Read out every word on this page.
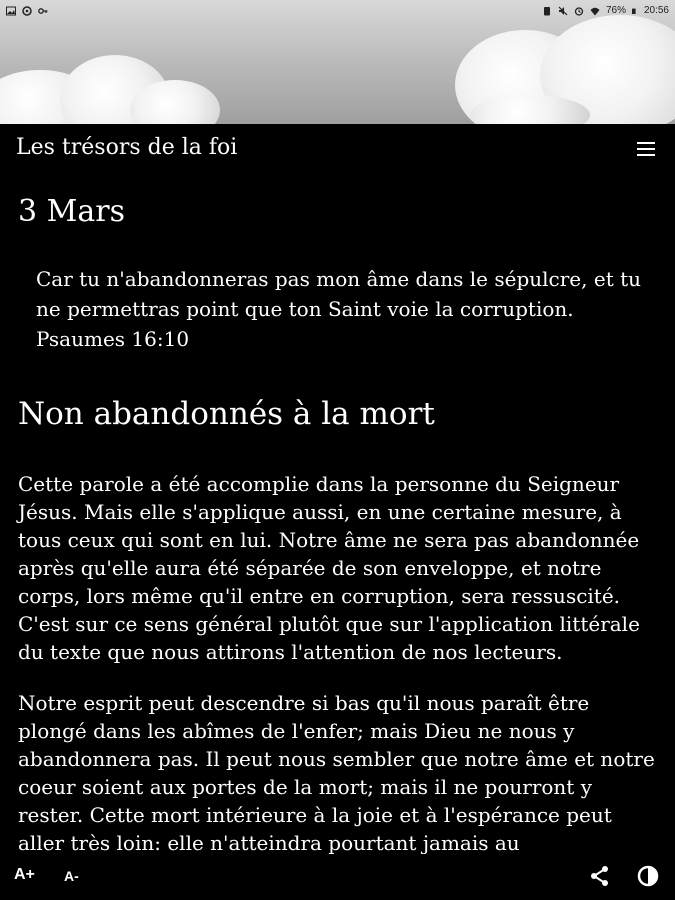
76% 20:56
Les trésors de la foi
3 Mars
Car tu n'abandonneras pas mon âme dans le sépulcre, et tu ne permettras point que ton Saint voie la corruption.
Psaumes 16:10
Non abandonnés à la mort
Cette parole a été accomplie dans la personne du Seigneur Jésus. Mais elle s'applique aussi, en une certaine mesure, à tous ceux qui sont en lui. Notre âme ne sera pas abandonnée après qu'elle aura été séparée de son enveloppe, et notre corps, lors même qu'il entre en corruption, sera ressuscité. C'est sur ce sens général plutôt que sur l'application littérale du texte que nous attirons l'attention de nos lecteurs.
Notre esprit peut descendre si bas qu'il nous paraît être plongé dans les abîmes de l'enfer; mais Dieu ne nous y abandonnera pas. Il peut nous sembler que notre âme et notre coeur soient aux portes de la mort; mais il ne pourront y rester. Cette mort intérieure à la joie et à l'espérance peut aller très loin: elle n'atteindra pourtant jamais au
A+ A-
